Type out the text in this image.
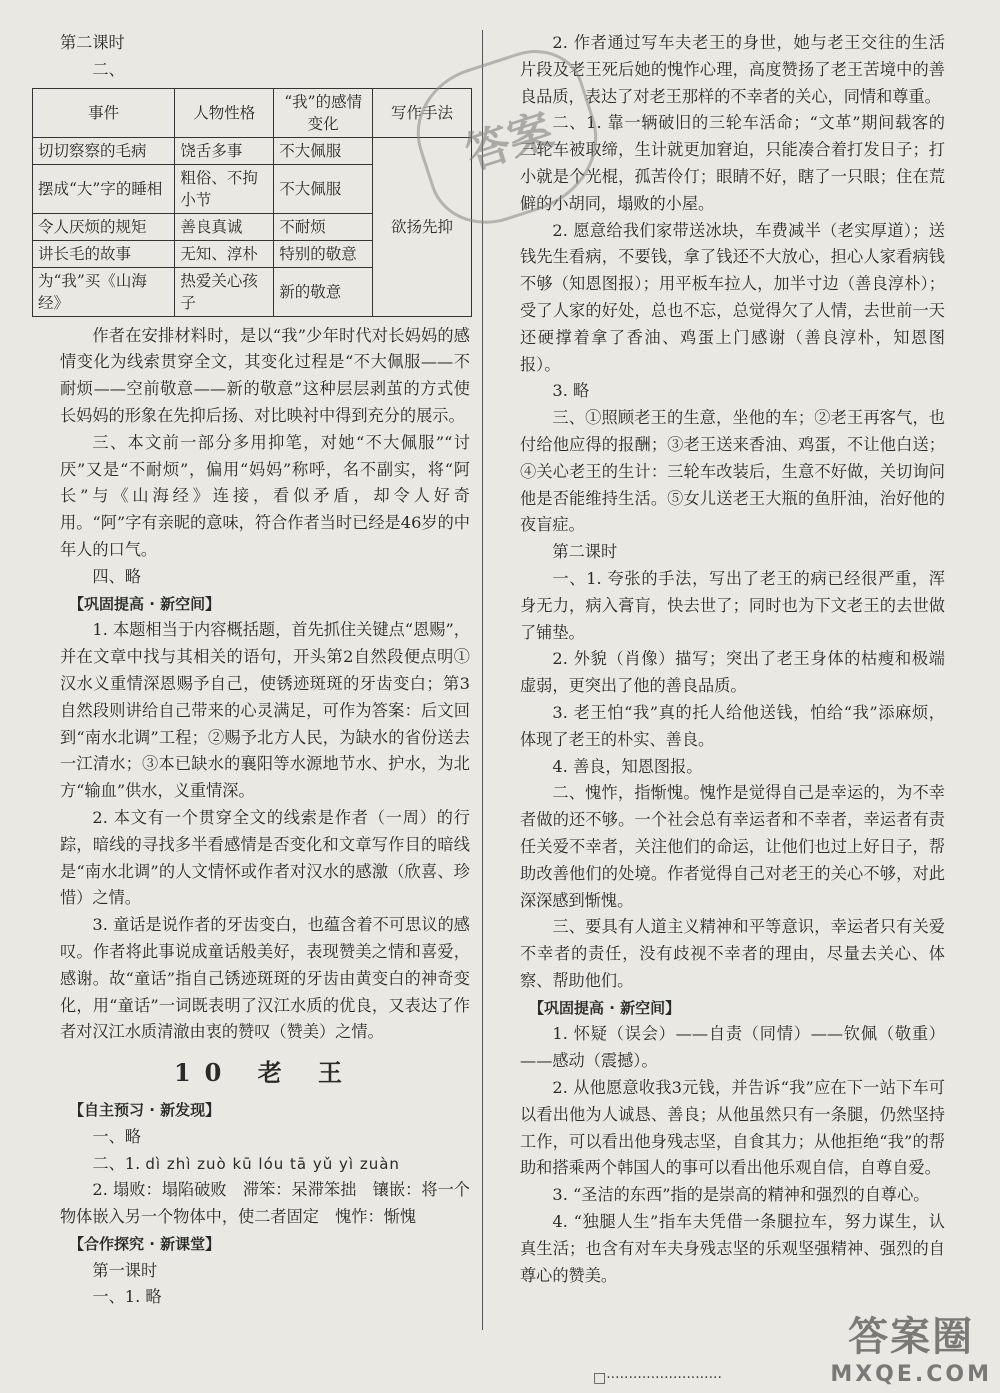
第二课时

二、

事件	人物性格	“我”的感情变化	写作手法
切切察察的毛病	饶舌多事	不大佩服	欲扬先抑
摆成“大”字的睡相	粗俗、不拘小节	不大佩服	
令人厌烦的规矩	善良真诚	不耐烦	
讲长毛的故事	无知、淳朴	特别的敬意	
为“我”买《山海经》	热爱关心孩子	新的敬意	

作者在安排材料时，是以“我”少年时代对长妈妈的感情变化为线索贯穿全文，其变化过程是“不大佩服——不耐烦——空前敬意——新的敬意”这种层层剥茧的方式使长妈妈的形象在先抑后扬、对比映衬中得到充分的展示。

三、本文前一部分多用抑笔，对她“不大佩服”“讨厌”又是“不耐烦”，偏用“妈妈”称呼，名不副实，将“阿长”与《山海经》连接，看似矛盾，却令人好奇用。“阿”字有亲昵的意味，符合作者当时已经是46岁的中年人的口气。

四、略

【巩固提高 · 新空间】

1. 本题相当于内容概括题，首先抓住关键点“恩赐”，并在文章中找与其相关的语句，开头第2自然段便点明①汉水义重情深恩赐予自己，使锈迹斑斑的牙齿变白；第3自然段则讲给自己带来的心灵满足，可作为答案：后文回到“南水北调”工程；②赐予北方人民，为缺水的省份送去一江清水；③本已缺水的襄阳等水源地节水、护水，为北方“输血”供水，义重情深。

2. 本文有一个贯穿全文的线索是作者（一周）的行踪，暗线的寻找多半看感情是否变化和文章写作目的暗线是“南水北调”的人文情怀或作者对汉水的感激（欣喜、珍惜）之情。

3. 童话是说作者的牙齿变白，也蕴含着不可思议的感叹。作者将此事说成童话般美好，表现赞美之情和喜爱，感谢。故“童话”指自己锈迹斑斑的牙齿由黄变白的神奇变化，用“童话”一词既表明了汉江水质的优良，又表达了作者对汉江水质清澈由衷的赞叹（赞美）之情。

10 老 王

【自主预习 · 新发现】

一、略

二、1. dì zhì zuò kū lóu tā yǔ yì zuàn

2. 塌败：塌陷破败　滞笨：呆滞笨拙　镶嵌：将一个物体嵌入另一个物体中，使二者固定　愧怍：惭愧

【合作探究 · 新课堂】

第一课时

一、1. 略

2. 作者通过写车夫老王的身世，她与老王交往的生活片段及老王死后她的愧怍心理，高度赞扬了老王苦境中的善良品质，表达了对老王那样的不幸者的关心，同情和尊重。

二、1. 靠一辆破旧的三轮车活命；“文革”期间载客的三轮车被取缔，生计就更加窘迫，只能凑合着打发日子；打小就是个光棍，孤苦伶仃；眼睛不好，瞎了一只眼；住在荒僻的小胡同，塌败的小屋。

2. 愿意给我们家带送冰块，车费减半（老实厚道）；送钱先生看病，不要钱，拿了钱还不大放心，担心人家看病钱不够（知恩图报）；用平板车拉人，加半寸边（善良淳朴）；受了人家的好处，总也不忘，总觉得欠了人情，去世前一天还硬撑着拿了香油、鸡蛋上门感谢（善良淳朴，知恩图报）。

3. 略

三、①照顾老王的生意，坐他的车；②老王再客气，也付给他应得的报酬；③老王送来香油、鸡蛋，不让他白送；④关心老王的生计：三轮车改装后，生意不好做，关切询问他是否能维持生活。⑤女儿送老王大瓶的鱼肝油，治好他的夜盲症。

第二课时

一、1. 夸张的手法，写出了老王的病已经很严重，浑身无力，病入膏肓，快去世了；同时也为下文老王的去世做了铺垫。

2. 外貌（肖像）描写；突出了老王身体的枯瘦和极端虚弱，更突出了他的善良品质。

3. 老王怕“我”真的托人给他送钱，怕给“我”添麻烦，体现了老王的朴实、善良。

4. 善良，知恩图报。

二、愧怍，指惭愧。愧怍是觉得自己是幸运的，为不幸者做的还不够。一个社会总有幸运者和不幸者，幸运者有责任关爱不幸者，关注他们的命运，让他们也过上好日子，帮助改善他们的处境。作者觉得自己对老王的关心不够，对此深深感到惭愧。

三、要具有人道主义精神和平等意识，幸运者只有关爱不幸者的责任，没有歧视不幸者的理由，尽量去关心、体察、帮助他们。

【巩固提高 · 新空间】

1. 怀疑（误会）——自责（同情）——钦佩（敬重）——感动（震撼）。

2. 从他愿意收我3元钱，并告诉“我”应在下一站下车可以看出他为人诚恳、善良；从他虽然只有一条腿，仍然坚持工作，可以看出他身残志坚，自食其力；从他拒绝“我”的帮助和搭乘两个韩国人的事可以看出他乐观自信，自尊自爱。

3. “圣洁的东西”指的是崇高的精神和强烈的自尊心。

4. “独腿人生”指车夫凭借一条腿拉车，努力谋生，认真生活；也含有对车夫身残志坚的乐观坚强精神、强烈的自尊心的赞美。

答案
□··························
答案圈
MXQE.COM
